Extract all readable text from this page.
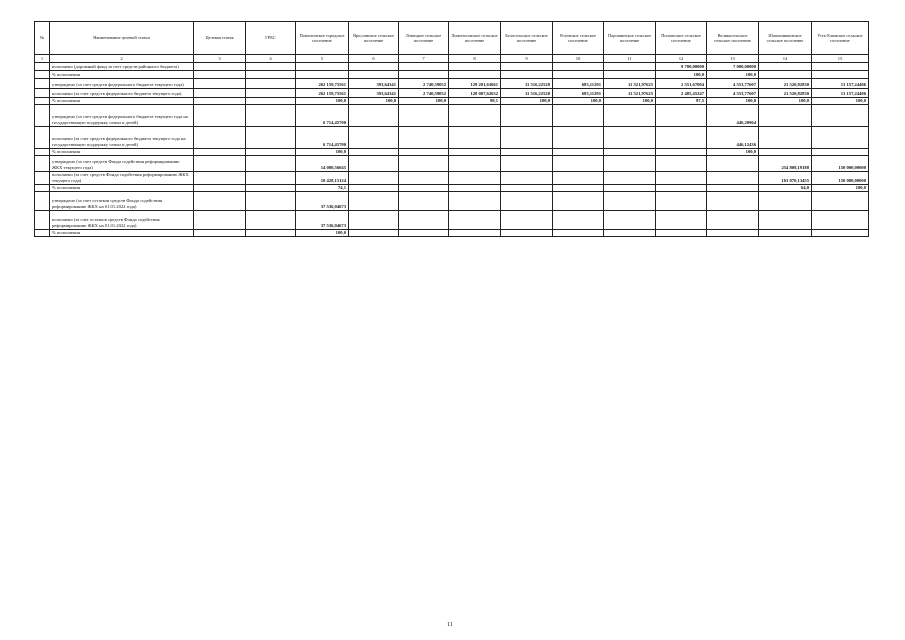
№	Наименование целевой статьи	Целевая статья	ГРБС	Пошехонское городское поселение	Ярославское сельское поселение	Ломецкое сельское поселение	Ломоносовское сельское поселение	Белосельское сельское поселение	Роговское сельское поселение	Порошинское сельское поселение	Поповоское сельское поселение	Великосельское сельское поселение	Шапошниковское сельское поселение	Усть-Елимское сельское поселение
1	2	3	4	5	6	7	8	9	10	11	12	13	14	15
	исполнено (дорожный фонд за счет средств районного бюджета)										9 700,00000	7 000,00000		
	% исполнения										100,0	100,0		
	утверждено (за счет средств федерального бюджета текущего года)			262 159,75561	393,64341	2 740,59052	129 201,63661	11 516,22520	683,11291	11 521,97625	2 551,67004	4 553,77607	21 520,82830	13 157,24406
	исполнено (за счет средств федерального бюджета текущего года)			262 159,75561	393,64341	2 740,59052	128 007,62632	11 516,22520	683,11291	11 521,97625	2 485,45247	4 553,77607	21 520,82830	13 157,24406
	% исполнения			100,0	100,0	100,0	99,1	100,0	100,0	100,0	97,5	100,0	100,0	100,0
	утверждено (за счет средств федерального бюджета текущего года на государственную поддержку семьи и детей)			6 714,45700								446,20964		
	исполнено (за счет средств федерального бюджета текущего года на государственную поддержку семьи и детей)			6 714,45700								446,12436		
	% исполнения			100,0								100,0		
	утверждено (за счет средств Фонда содействия реформированию ЖКХ текущего года)			14 080,56045									254 808,19188	150 000,00000
	исполнено (за счет средств Фонда содействия реформированию ЖКХ текущего года)			10 428,15124									163 070,13455	150 000,00000
	% исполнения			74,1									64,0	100,0
	утверждено (за счет остатков средств Фонда содействия реформированию ЖКХ на 01.01.2022 года)			37 536,04673										
	исполнено (за счет остатков средств Фонда содействия реформированию ЖКХ на 01.01.2022 года)			37 536,04673										
	% исполнения			100,0										
11
